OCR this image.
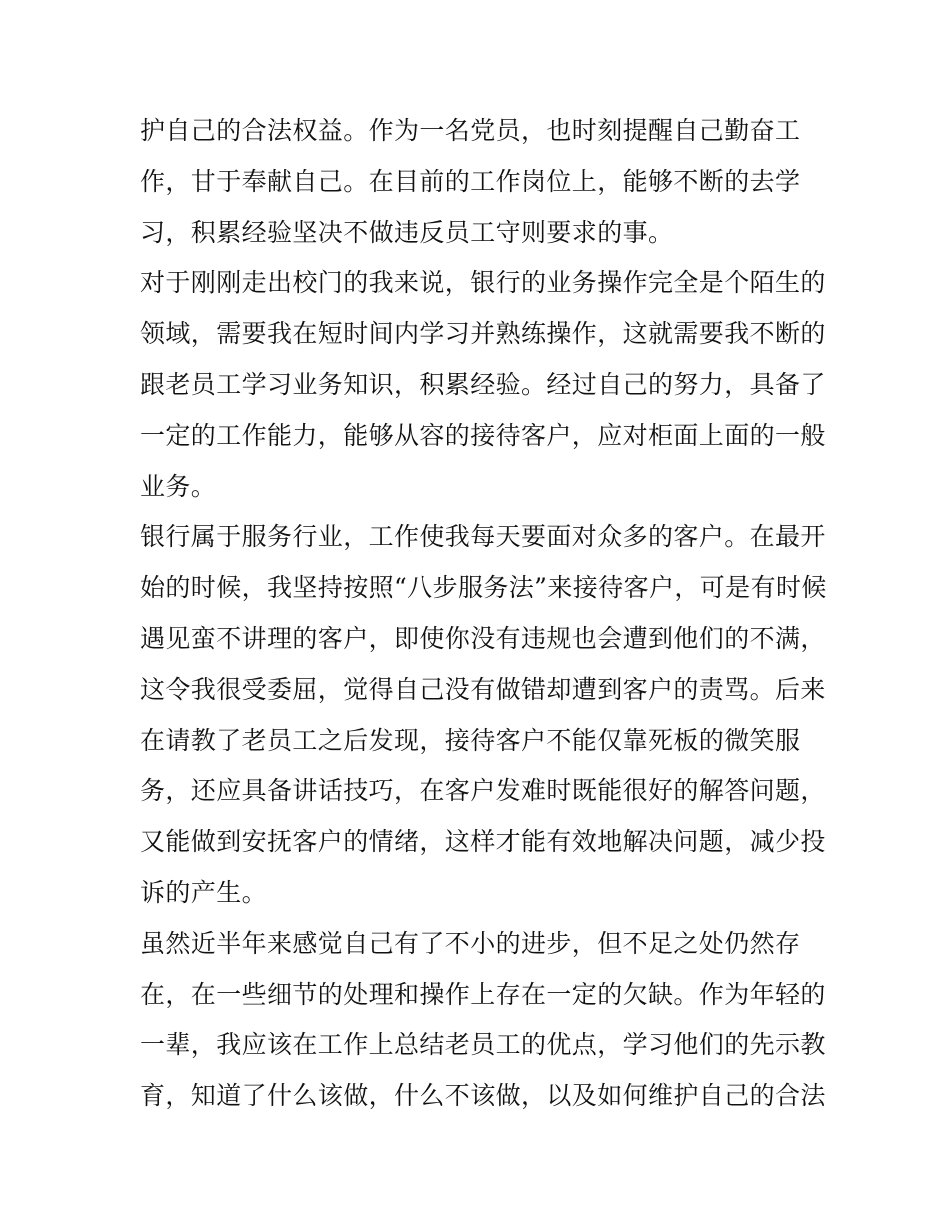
护自己的合法权益。作为一名党员，也时刻提醒自己勤奋工
作，甘于奉献自己。在目前的工作岗位上，能够不断的去学
习，积累经验坚决不做违反员工守则要求的事。
对于刚刚走出校门的我来说，银行的业务操作完全是个陌生的
领域，需要我在短时间内学习并熟练操作，这就需要我不断的
跟老员工学习业务知识，积累经验。经过自己的努力，具备了
一定的工作能力，能够从容的接待客户，应对柜面上面的一般
业务。
银行属于服务行业，工作使我每天要面对众多的客户。在最开
始的时候，我坚持按照“八步服务法”来接待客户，可是有时候
遇见蛮不讲理的客户，即使你没有违规也会遭到他们的不满，
这令我很受委屈，觉得自己没有做错却遭到客户的责骂。后来
在请教了老员工之后发现，接待客户不能仅靠死板的微笑服
务，还应具备讲话技巧，在客户发难时既能很好的解答问题，
又能做到安抚客户的情绪，这样才能有效地解决问题，减少投
诉的产生。
虽然近半年来感觉自己有了不小的进步，但不足之处仍然存
在，在一些细节的处理和操作上存在一定的欠缺。作为年轻的
一辈，我应该在工作上总结老员工的优点，学习他们的先示教
育，知道了什么该做，什么不该做，以及如何维护自己的合法
